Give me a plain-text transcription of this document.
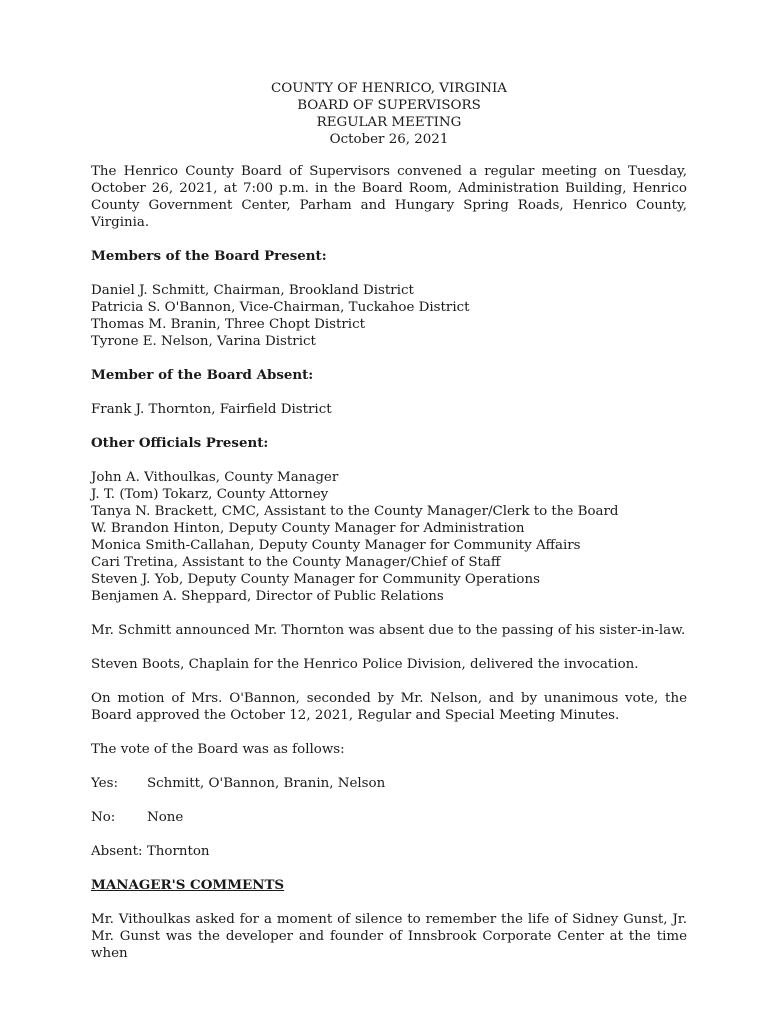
COUNTY OF HENRICO, VIRGINIA
BOARD OF SUPERVISORS
REGULAR MEETING
October 26, 2021

The Henrico County Board of Supervisors convened a regular meeting on Tuesday, October 26, 2021, at 7:00 p.m. in the Board Room, Administration Building, Henrico County Government Center, Parham and Hungary Spring Roads, Henrico County, Virginia.

Members of the Board Present:
Daniel J. Schmitt, Chairman, Brookland District
Patricia S. O'Bannon, Vice-Chairman, Tuckahoe District
Thomas M. Branin, Three Chopt District
Tyrone E. Nelson, Varina District
Member of the Board Absent:
Frank J. Thornton, Fairfield District
Other Officials Present:
John A. Vithoulkas, County Manager
J. T. (Tom) Tokarz, County Attorney
Tanya N. Brackett, CMC, Assistant to the County Manager/Clerk to the Board
W. Brandon Hinton, Deputy County Manager for Administration
Monica Smith-Callahan, Deputy County Manager for Community Affairs
Cari Tretina, Assistant to the County Manager/Chief of Staff
Steven J. Yob, Deputy County Manager for Community Operations
Benjamen A. Sheppard, Director of Public Relations

Mr. Schmitt announced Mr. Thornton was absent due to the passing of his sister-in-law.

Steven Boots, Chaplain for the Henrico Police Division, delivered the invocation.

On motion of Mrs. O'Bannon, seconded by Mr. Nelson, and by unanimous vote, the Board approved the October 12, 2021, Regular and Special Meeting Minutes.

The vote of the Board was as follows:

Yes: Schmitt, O'Bannon, Branin, Nelson
No: None
Absent: Thornton
MANAGER'S COMMENTS

Mr. Vithoulkas asked for a moment of silence to remember the life of Sidney Gunst, Jr. Mr. Gunst was the developer and founder of Innsbrook Corporate Center at the time when
